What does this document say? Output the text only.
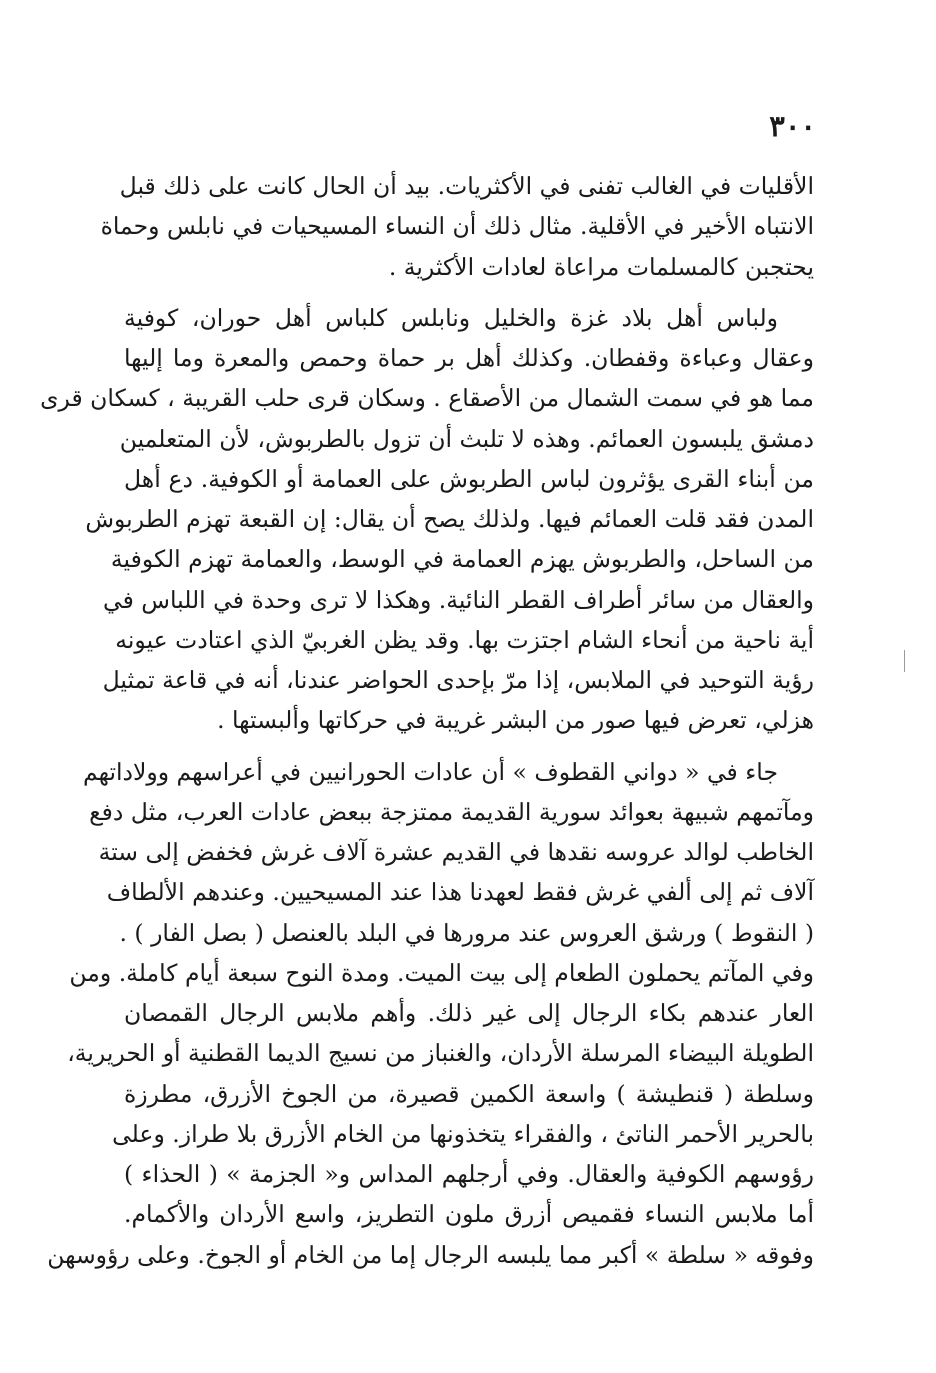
٣٠٠

الأقليات في الغالب تفنى في الأكثريات. بيد أن الحال كانت على ذلك قبل
الانتباه الأخير في الأقلية. مثال ذلك أن النساء المسيحيات في نابلس وحماة
يحتجبن كالمسلمات مراعاة لعادات الأكثرية .
ولباس أهل بلاد غزة والخليل ونابلس كلباس أهل حوران، كوفية
وعقال وعباءة وقفطان. وكذلك أهل بر حماة وحمص والمعرة وما إليها
مما هو في سمت الشمال من الأصقاع . وسكان قرى حلب القريبة ، كسكان قرى
دمشق يلبسون العمائم. وهذه لا تلبث أن تزول بالطربوش، لأن المتعلمين
من أبناء القرى يؤثرون لباس الطربوش على العمامة أو الكوفية. دع أهل
المدن فقد قلت العمائم فيها. ولذلك يصح أن يقال: إن القبعة تهزم الطربوش
من الساحل، والطربوش يهزم العمامة في الوسط، والعمامة تهزم الكوفية
والعقال من سائر أطراف القطر النائية. وهكذا لا ترى وحدة في اللباس في
أية ناحية من أنحاء الشام اجتزت بها. وقد يظن الغربيّ الذي اعتادت عيونه
رؤية التوحيد في الملابس، إذا مرّ بإحدى الحواضر عندنا، أنه في قاعة تمثيل
هزلي، تعرض فيها صور من البشر غريبة في حركاتها وألبستها .
جاء في « دواني القطوف » أن عادات الحورانيين في أعراسهم وولاداتهم
ومآتمهم شبيهة بعوائد سورية القديمة ممتزجة ببعض عادات العرب، مثل دفع
الخاطب لوالد عروسه نقدها في القديم عشرة آلاف غرش فخفض إلى ستة
آلاف ثم إلى ألفي غرش فقط لعهدنا هذا عند المسيحيين. وعندهم الألطاف
( النقوط ) ورشق العروس عند مرورها في البلد بالعنصل ( بصل الفار ) .
وفي المآتم يحملون الطعام إلى بيت الميت. ومدة النوح سبعة أيام كاملة. ومن
العار عندهم بكاء الرجال إلى غير ذلك. وأهم ملابس الرجال القمصان
الطويلة البيضاء المرسلة الأردان، والغنباز من نسيج الديما القطنية أو الحريرية،
وسلطة ( قنطيشة ) واسعة الكمين قصيرة، من الجوخ الأزرق، مطرزة
بالحرير الأحمر الناتئ ، والفقراء يتخذونها من الخام الأزرق بلا طراز. وعلى
رؤوسهم الكوفية والعقال. وفي أرجلهم المداس و« الجزمة » ( الحذاء )
أما ملابس النساء فقميص أزرق ملون التطريز، واسع الأردان والأكمام.
وفوقه « سلطة » أكبر مما يلبسه الرجال إما من الخام أو الجوخ. وعلى رؤوسهن
